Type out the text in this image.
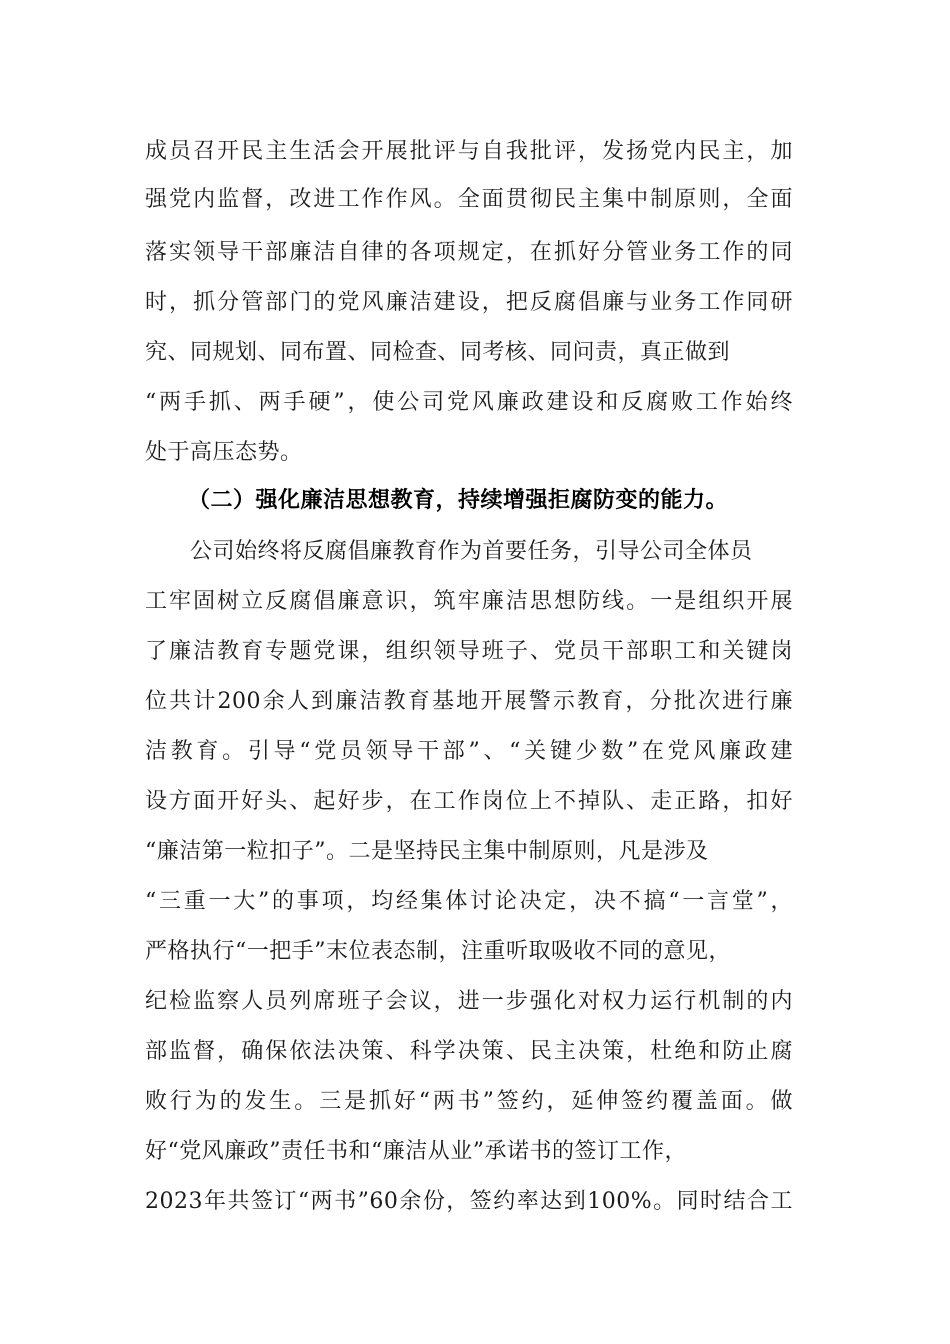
成员召开民主生活会开展批评与自我批评，发扬党内民主，加
强党内监督，改进工作作风。全面贯彻民主集中制原则，全面
落实领导干部廉洁自律的各项规定，在抓好分管业务工作的同
时，抓分管部门的党风廉洁建设，把反腐倡廉与业务工作同研
究、同规划、同布置、同检查、同考核、同问责，真正做到
“两手抓、两手硬”，使公司党风廉政建设和反腐败工作始终
处于高压态势。
（二）强化廉洁思想教育，持续增强拒腐防变的能力。
公司始终将反腐倡廉教育作为首要任务，引导公司全体员
工牢固树立反腐倡廉意识，筑牢廉洁思想防线。一是组织开展
了廉洁教育专题党课，组织领导班子、党员干部职工和关键岗
位共计200余人到廉洁教育基地开展警示教育，分批次进行廉
洁教育。引导“党员领导干部”、“关键少数”在党风廉政建
设方面开好头、起好步，在工作岗位上不掉队、走正路，扣好
“廉洁第一粒扣子”。二是坚持民主集中制原则，凡是涉及
“三重一大”的事项，均经集体讨论决定，决不搞“一言堂”，
严格执行“一把手”末位表态制，注重听取吸收不同的意见，
纪检监察人员列席班子会议，进一步强化对权力运行机制的内
部监督，确保依法决策、科学决策、民主决策，杜绝和防止腐
败行为的发生。三是抓好“两书”签约，延伸签约覆盖面。做
好“党风廉政”责任书和“廉洁从业”承诺书的签订工作，
2023年共签订“两书”60余份，签约率达到100%。同时结合工
